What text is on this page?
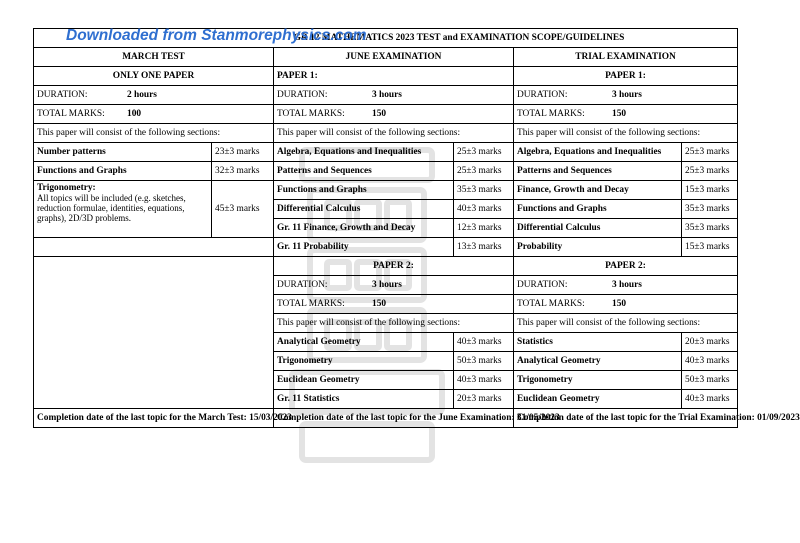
Downloaded from Stanmorephysics.com
GR 12 MATHEMATICS 2023 TEST and EXAMINATION SCOPE/GUIDELINES					
MARCH TEST		JUNE EXAMINATION		TRIAL EXAMINATION	
ONLY ONE PAPER		PAPER 1:		PAPER 1:	
DURATION: 2 hours		DURATION: 3 hours		DURATION: 3 hours	
TOTAL MARKS: 100		TOTAL MARKS: 150		TOTAL MARKS: 150	
This paper will consist of the following sections:		This paper will consist of the following sections:		This paper will consist of the following sections:	
Number patterns	23±3 marks	Algebra, Equations and Inequalities	25±3 marks	Algebra, Equations and Inequalities	25±3 marks
Functions and Graphs	32±3 marks	Patterns and Sequences	25±3 marks	Patterns and Sequences	25±3 marks

Trigonometry:
All topics will be included (e.g. sketches, reduction formulae, identities, equations, graphs), 2D/3D problems.	45±3 marks	Functions and Graphs	35±3 marks	Finance, Growth and Decay	15±3 marks
		Differential Calculus	40±3 marks	Functions and Graphs	35±3 marks
		Gr. 11 Finance, Growth and Decay	12±3 marks	Differential Calculus	35±3 marks
		Gr. 11 Probability	13±3 marks	Probability	15±3 marks
		PAPER 2:		PAPER 2:	
		DURATION: 3 hours		DURATION: 3 hours	
		TOTAL MARKS: 150		TOTAL MARKS: 150	
		This paper will consist of the following sections:		This paper will consist of the following sections:	
		Analytical Geometry	40±3 marks	Statistics	20±3 marks
		Trigonometry	50±3 marks	Analytical Geometry	40±3 marks
		Euclidean Geometry	40±3 marks	Trigonometry	50±3 marks
		Gr. 11 Statistics	20±3 marks	Euclidean Geometry	40±3 marks
Completion date of the last topic for the March Test: 15/03/2023		Completion date of the last topic for the June Examination: 31/05/2023		Completion date of the last topic for the Trial Examination: 01/09/2023	
